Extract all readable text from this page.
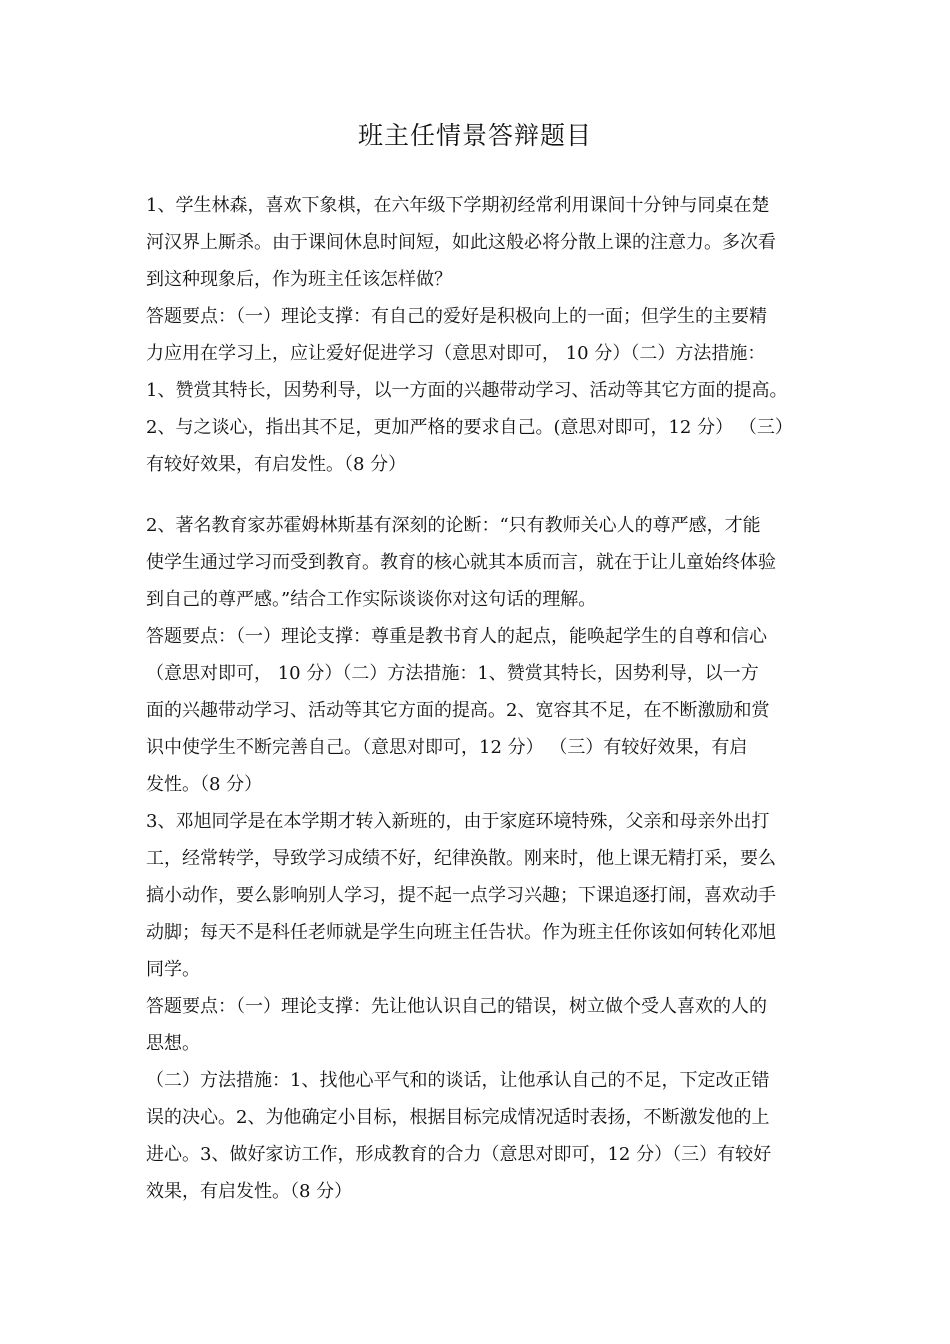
班主任情景答辩题目
1、学生林森，喜欢下象棋，在六年级下学期初经常利用课间十分钟与同桌在楚
河汉界上厮杀。由于课间休息时间短，如此这般必将分散上课的注意力。多次看
到这种现象后，作为班主任该怎样做？
答题要点：（一）理论支撑：有自己的爱好是积极向上的一面；但学生的主要精
力应用在学习上，应让爱好促进学习（意思对即可， 10 分）（二）方法措施：
1、赞赏其特长，因势利导，以一方面的兴趣带动学习、活动等其它方面的提高。
2、与之谈心，指出其不足，更加严格的要求自己。(意思对即可，12 分） （三）
有较好效果，有启发性。（8 分）
2、著名教育家苏霍姆林斯基有深刻的论断：“只有教师关心人的尊严感，才能
使学生通过学习而受到教育。教育的核心就其本质而言，就在于让儿童始终体验
到自己的尊严感。”结合工作实际谈谈你对这句话的理解。
答题要点：（一）理论支撑：尊重是教书育人的起点，能唤起学生的自尊和信心
（意思对即可， 10 分）（二）方法措施：1、赞赏其特长，因势利导，以一方
面的兴趣带动学习、活动等其它方面的提高。2、宽容其不足，在不断激励和赏
识中使学生不断完善自己。（意思对即可，12 分） （三）有较好效果，有启
发性。（8 分）
3、邓旭同学是在本学期才转入新班的，由于家庭环境特殊，父亲和母亲外出打
工，经常转学，导致学习成绩不好，纪律涣散。刚来时，他上课无精打采，要么
搞小动作，要么影响别人学习，提不起一点学习兴趣；下课追逐打闹，喜欢动手
动脚；每天不是科任老师就是学生向班主任告状。作为班主任你该如何转化邓旭
同学。
答题要点：（一）理论支撑：先让他认识自己的错误，树立做个受人喜欢的人的
思想。
（二）方法措施：1、找他心平气和的谈话，让他承认自己的不足，下定改正错
误的决心。2、为他确定小目标，根据目标完成情况适时表扬，不断激发他的上
进心。3、做好家访工作，形成教育的合力（意思对即可，12 分）（三）有较好
效果，有启发性。（8 分）
